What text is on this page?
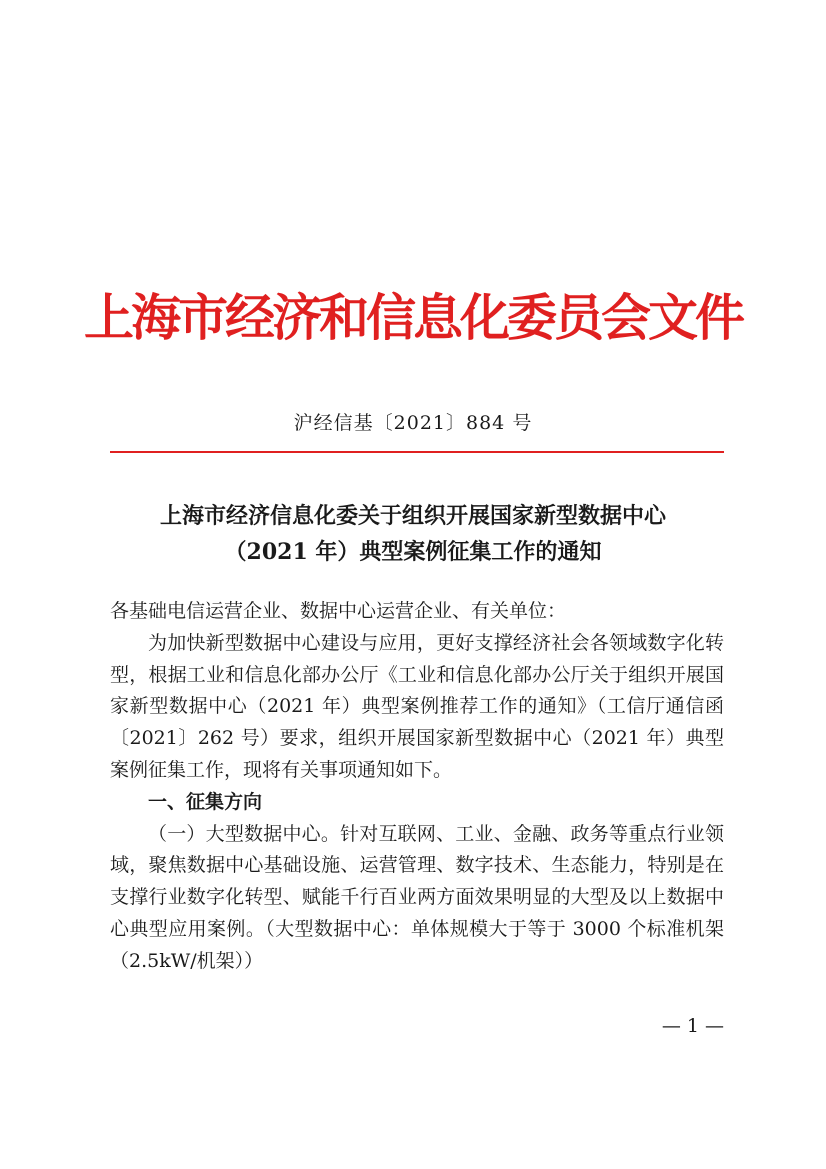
上海市经济和信息化委员会文件
沪经信基〔2021〕884 号
上海市经济信息化委关于组织开展国家新型数据中心
（2021 年）典型案例征集工作的通知

各基础电信运营企业、数据中心运营企业、有关单位：

为加快新型数据中心建设与应用，更好支撑经济社会各领域数字化转型，根据工业和信息化部办公厅《工业和信息化部办公厅关于组织开展国家新型数据中心（2021 年）典型案例推荐工作的通知》（工信厅通信函〔2021〕262 号）要求，组织开展国家新型数据中心（2021 年）典型案例征集工作，现将有关事项通知如下。

一、征集方向

（一）大型数据中心。针对互联网、工业、金融、政务等重点行业领域，聚焦数据中心基础设施、运营管理、数字技术、生态能力，特别是在支撑行业数字化转型、赋能千行百业两方面效果明显的大型及以上数据中心典型应用案例。（大型数据中心：单体规模大于等于 3000 个标准机架（2.5kW/机架））

— 1 —
